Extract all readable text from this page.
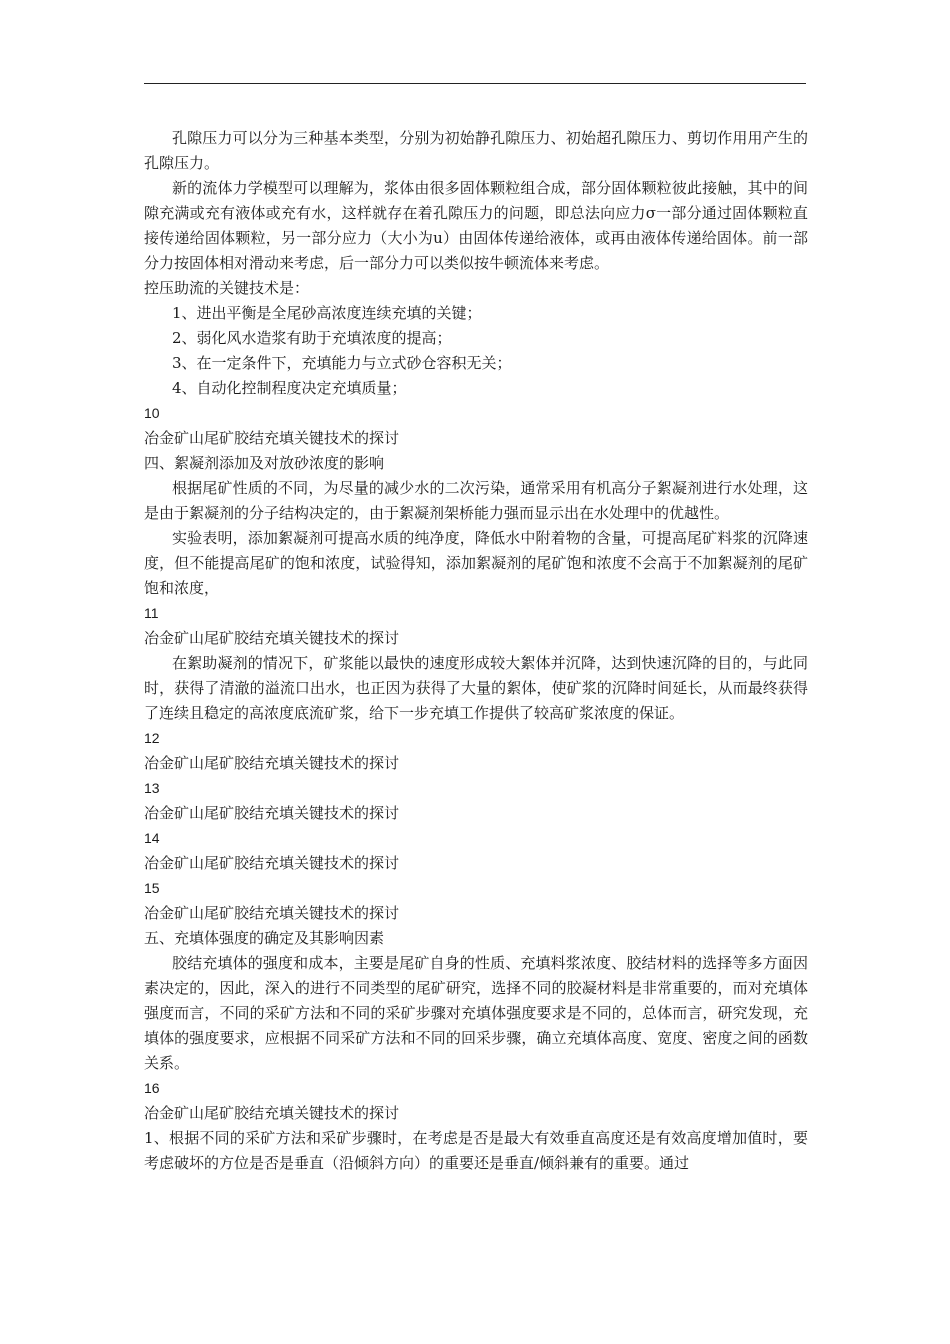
孔隙压力可以分为三种基本类型，分别为初始静孔隙压力、初始超孔隙压力、剪切作用用产生的孔隙压力。

新的流体力学模型可以理解为，浆体由很多固体颗粒组合成，部分固体颗粒彼此接触，其中的间隙充满或充有液体或充有水，这样就存在着孔隙压力的问题，即总法向应力σ一部分通过固体颗粒直接传递给固体颗粒，另一部分应力（大小为u）由固体传递给液体，或再由液体传递给固体。前一部分力按固体相对滑动来考虑，后一部分力可以类似按牛顿流体来考虑。

控压助流的关键技术是：

1、进出平衡是全尾砂高浓度连续充填的关键；

2、弱化风水造浆有助于充填浓度的提高；

3、在一定条件下，充填能力与立式砂仓容积无关；

4、自动化控制程度决定充填质量；

10

冶金矿山尾矿胶结充填关键技术的探讨

四、絮凝剂添加及对放砂浓度的影响

根据尾矿性质的不同，为尽量的减少水的二次污染，通常采用有机高分子絮凝剂进行水处理，这是由于絮凝剂的分子结构决定的，由于絮凝剂架桥能力强而显示出在水处理中的优越性。

实验表明，添加絮凝剂可提高水质的纯净度，降低水中附着物的含量，可提高尾矿料浆的沉降速度，但不能提高尾矿的饱和浓度，试验得知，添加絮凝剂的尾矿饱和浓度不会高于不加絮凝剂的尾矿饱和浓度，

11

冶金矿山尾矿胶结充填关键技术的探讨

在絮助凝剂的情况下，矿浆能以最快的速度形成较大絮体并沉降，达到快速沉降的目的，与此同时，获得了清澈的溢流口出水，也正因为获得了大量的絮体，使矿浆的沉降时间延长，从而最终获得了连续且稳定的高浓度底流矿浆，给下一步充填工作提供了较高矿浆浓度的保证。

12

冶金矿山尾矿胶结充填关键技术的探讨

13

冶金矿山尾矿胶结充填关键技术的探讨

14

冶金矿山尾矿胶结充填关键技术的探讨

15

冶金矿山尾矿胶结充填关键技术的探讨

五、充填体强度的确定及其影响因素

胶结充填体的强度和成本，主要是尾矿自身的性质、充填料浆浓度、胶结材料的选择等多方面因素决定的，因此，深入的进行不同类型的尾矿研究，选择不同的胶凝材料是非常重要的，而对充填体强度而言，不同的采矿方法和不同的采矿步骤对充填体强度要求是不同的，总体而言，研究发现，充填体的强度要求，应根据不同采矿方法和不同的回采步骤，确立充填体高度、宽度、密度之间的函数关系。

16

冶金矿山尾矿胶结充填关键技术的探讨

1、根据不同的采矿方法和采矿步骤时，在考虑是否是最大有效垂直高度还是有效高度增加值时，要考虑破坏的方位是否是垂直（沿倾斜方向）的重要还是垂直/倾斜兼有的重要。通过
